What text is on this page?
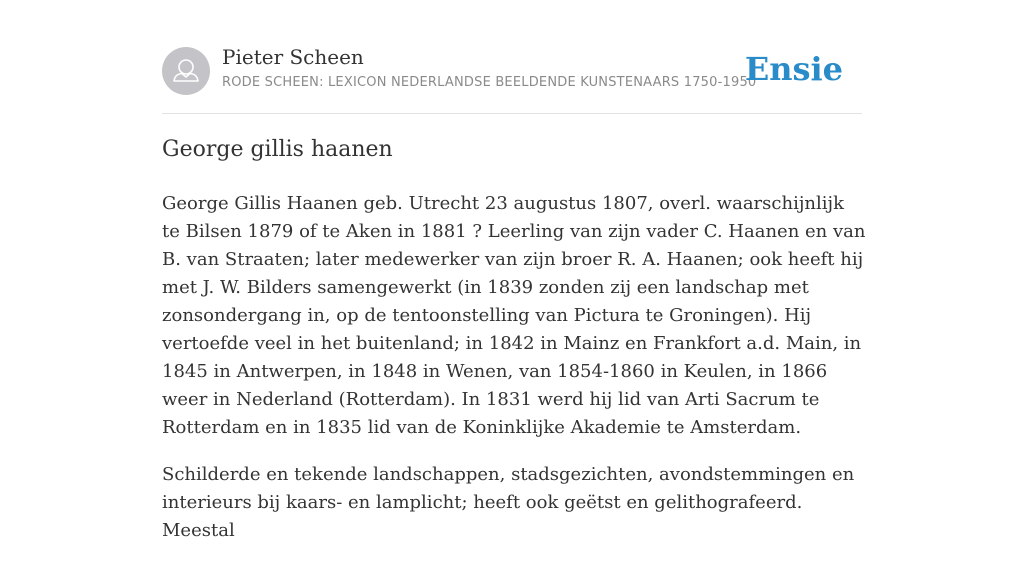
Pieter Scheen
RODE SCHEEN: LEXICON NEDERLANDSE BEELDENDE KUNSTENAARS 1750-1950
Ensie
George gillis haanen

George Gillis Haanen geb. Utrecht 23 augustus 1807, overl. waarschijnlijk te Bilsen 1879 of te Aken in 1881 ? Leerling van zijn vader C. Haanen en van B. van Straaten; later medewerker van zijn broer R. A. Haanen; ook heeft hij met J. W. Bilders samengewerkt (in 1839 zonden zij een landschap met zonsondergang in, op de tentoonstelling van Pictura te Groningen). Hij vertoefde veel in het buitenland; in 1842 in Mainz en Frankfort a.d. Main, in 1845 in Antwerpen, in 1848 in Wenen, van 1854-1860 in Keulen, in 1866 weer in Nederland (Rotterdam). In 1831 werd hij lid van Arti Sacrum te Rotterdam en in 1835 lid van de Koninklijke Akademie te Amsterdam.

Schilderde en tekende landschappen, stadsgezichten, avondstemmingen en interieurs bij kaars- en lamplicht; heeft ook geëtst en gelithografeerd. Meestal
